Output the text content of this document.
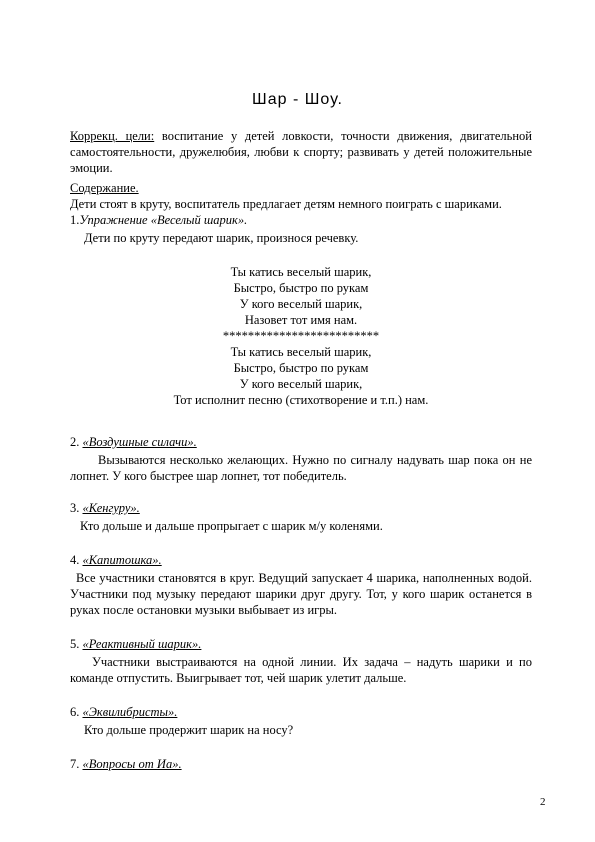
Шар - Шоу.
Коррекц. цели: воспитание у детей ловкости, точности движения, двигательной самостоятельности, дружелюбия, любви к спорту; развивать у детей положительные эмоции.
Содержание.
Дети стоят в круту, воспитатель предлагает детям немного поиграть с шариками.
1.Упражнение «Веселый шарик».
Дети по круту передают шарик, произнося речевку.
Ты катись веселый шарик,
Быстро, быстро по рукам
У кого веселый шарик,
Назовет тот имя нам.
*************************
Ты катись веселый шарик,
Быстро, быстро по рукам
У кого веселый шарик,
Тот исполнит песню (стихотворение и т.п.) нам.
2. «Воздушные силачи».
Вызываются несколько желающих. Нужно по сигналу надувать шар пока он не лопнет. У кого быстрее шар лопнет, тот победитель.
3. «Кенгуру».
Кто дольше и дальше пропрыгает с шарик м/у коленями.
4. «Капитошка».
Все участники становятся в круг. Ведущий запускает 4 шарика, наполненных водой. Участники под музыку передают шарики друг другу. Тот, у кого шарик останется в руках после остановки музыки выбывает из игры.
5. «Реактивный шарик».
Участники выстраиваются на одной линии. Их задача – надуть шарики и по команде отпустить. Выигрывает тот, чей шарик улетит дальше.
6. «Эквилибристы».
Кто дольше продержит шарик на носу?
7. «Вопросы от Иа».
2
